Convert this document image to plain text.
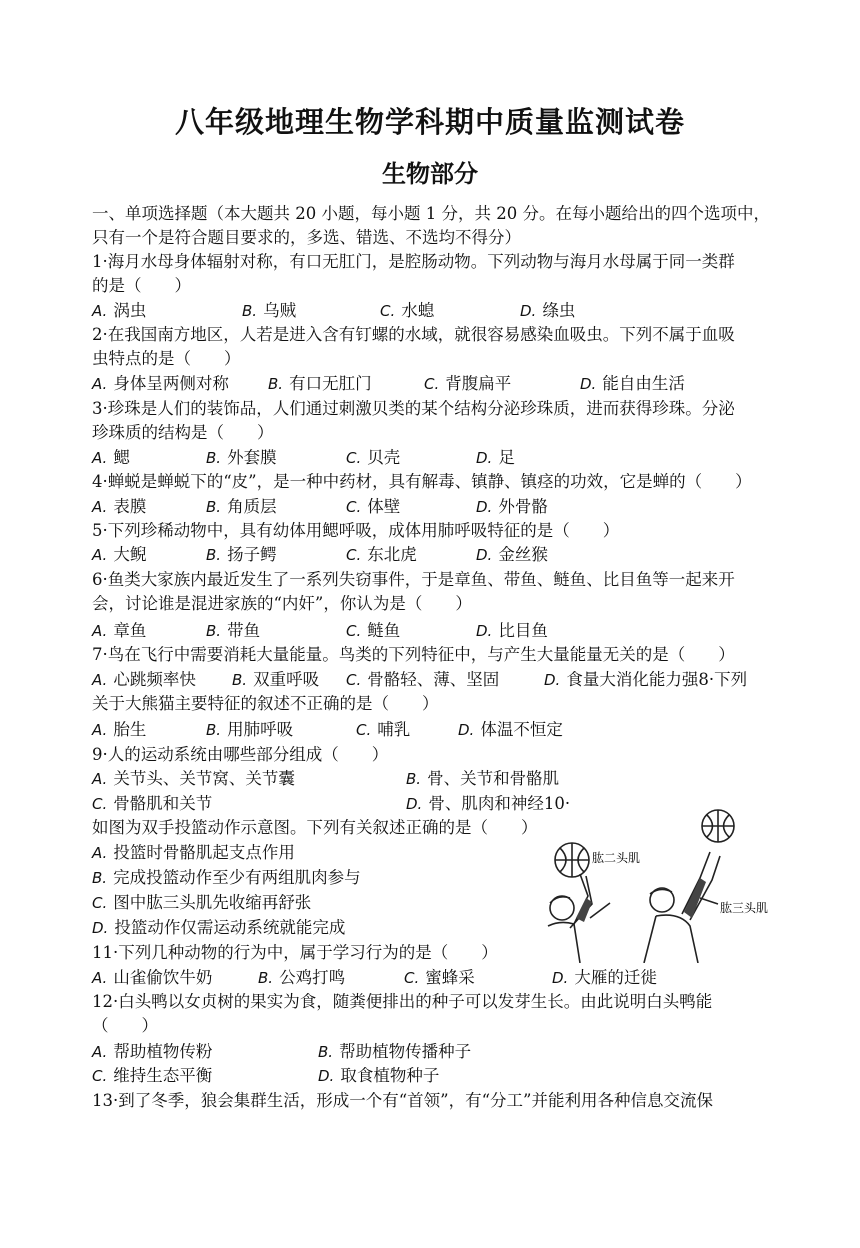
八年级地理生物学科期中质量监测试卷
生物部分
一、单项选择题（本大题共 20 小题，每小题 1 分，共 20 分。在每小题给出的四个选项中，
只有一个是符合题目要求的，多选、错选、不选均不得分）
1·海月水母身体辐射对称，有口无肛门，是腔肠动物。下列动物与海月水母属于同一类群
的是（　　）
A. 涡虫	B. 乌贼	C. 水螅	D. 绦虫
2·在我国南方地区，人若是进入含有钉螺的水域，就很容易感染血吸虫。下列不属于血吸
虫特点的是（　　）
A. 身体呈两侧对称	B. 有口无肛门	C. 背腹扁平	D. 能自由生活
3·珍珠是人们的装饰品，人们通过刺激贝类的某个结构分泌珍珠质，进而获得珍珠。分泌
珍珠质的结构是（　　）
A. 鳃	B. 外套膜	C. 贝壳	D. 足
4·蝉蜕是蝉蜕下的“皮”，是一种中药材，具有解毒、镇静、镇痉的功效，它是蝉的（　　）
A. 表膜	B. 角质层	C. 体壁	D. 外骨骼
5·下列珍稀动物中，具有幼体用鳃呼吸，成体用肺呼吸特征的是（　　）
A. 大鲵	B. 扬子鳄	C. 东北虎	D. 金丝猴
6·鱼类大家族内最近发生了一系列失窃事件，于是章鱼、带鱼、鲢鱼、比目鱼等一起来开
会，讨论谁是混进家族的“内奸”，你认为是（　　）
A. 章鱼	B. 带鱼	C. 鲢鱼	D. 比目鱼
7·鸟在飞行中需要消耗大量能量。鸟类的下列特征中，与产生大量能量无关的是（　　）
A. 心跳频率快 B. 双重呼吸 C. 骨骼轻、薄、坚固	D. 食量大消化能力强8·下列
关于大熊猫主要特征的叙述不正确的是（　　）
A. 胎生	B. 用肺呼吸	C. 哺乳	D. 体温不恒定
9·人的运动系统由哪些部分组成（　　）
A. 关节头、关节窝、关节囊	B. 骨、关节和骨骼肌
C. 骨骼肌和关节	D. 骨、肌肉和神经10·
如图为双手投篮动作示意图。下列有关叙述正确的是（　　）
A. 投篮时骨骼肌起支点作用
B. 完成投篮动作至少有两组肌肉参与
C. 图中肱三头肌先收缩再舒张
D. 投篮动作仅需运动系统就能完成
肱二头肌
肱三头肌
11·下列几种动物的行为中，属于学习行为的是（　　）
A. 山雀偷饮牛奶	B. 公鸡打鸣	C. 蜜蜂采	D. 大雁的迁徙
12·白头鸭以女贞树的果实为食，随粪便排出的种子可以发芽生长。由此说明白头鸭能
（　　）
A. 帮助植物传粉	B. 帮助植物传播种子
C. 维持生态平衡	D. 取食植物种子
13·到了冬季，狼会集群生活，形成一个有“首领”，有“分工”并能利用各种信息交流保
